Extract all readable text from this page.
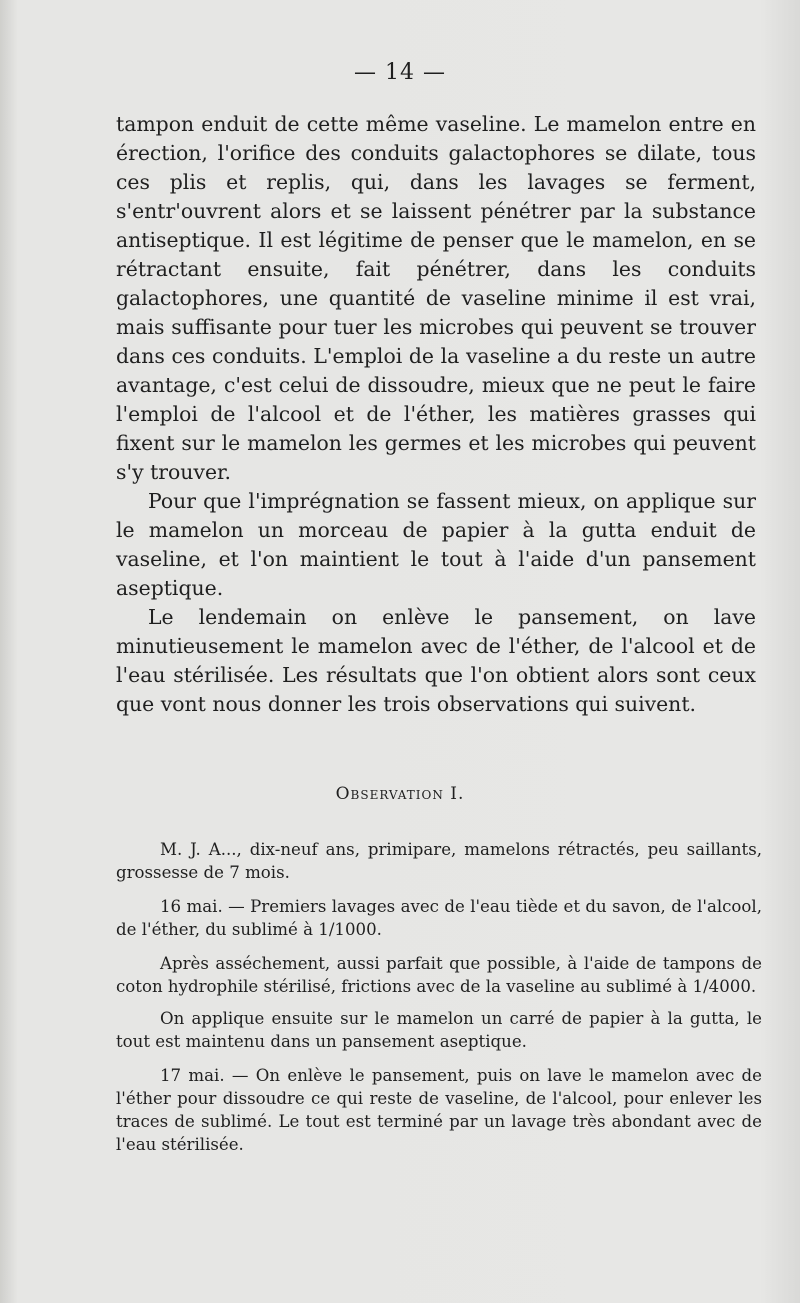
— 14 —

tampon enduit de cette même vaseline. Le mamelon entre en érection, l'orifice des conduits galactophores se dilate, tous ces plis et replis, qui, dans les lavages se ferment, s'entr'ouvrent alors et se laissent pénétrer par la substance antiseptique. Il est légitime de penser que le mamelon, en se rétractant ensuite, fait pénétrer, dans les conduits galactophores, une quantité de vaseline minime il est vrai, mais suffisante pour tuer les microbes qui peuvent se trouver dans ces conduits. L'emploi de la vaseline a du reste un autre avantage, c'est celui de dissoudre, mieux que ne peut le faire l'emploi de l'alcool et de l'éther, les matières grasses qui fixent sur le mamelon les germes et les microbes qui peuvent s'y trouver.

Pour que l'imprégnation se fassent mieux, on applique sur le mamelon un morceau de papier à la gutta enduit de vaseline, et l'on maintient le tout à l'aide d'un pansement aseptique.

Le lendemain on enlève le pansement, on lave minutieusement le mamelon avec de l'éther, de l'alcool et de l'eau stérilisée. Les résultats que l'on obtient alors sont ceux que vont nous donner les trois observations qui suivent.

Observation I.

M. J. A..., dix-neuf ans, primipare, mamelons rétractés, peu saillants, grossesse de 7 mois.

16 mai. — Premiers lavages avec de l'eau tiède et du savon, de l'alcool, de l'éther, du sublimé à 1/1000.

Après asséchement, aussi parfait que possible, à l'aide de tampons de coton hydrophile stérilisé, frictions avec de la vaseline au sublimé à 1/4000.

On applique ensuite sur le mamelon un carré de papier à la gutta, le tout est maintenu dans un pansement aseptique.

17 mai. — On enlève le pansement, puis on lave le mamelon avec de l'éther pour dissoudre ce qui reste de vaseline, de l'alcool, pour enlever les traces de sublimé. Le tout est terminé par un lavage très abondant avec de l'eau stérilisée.
